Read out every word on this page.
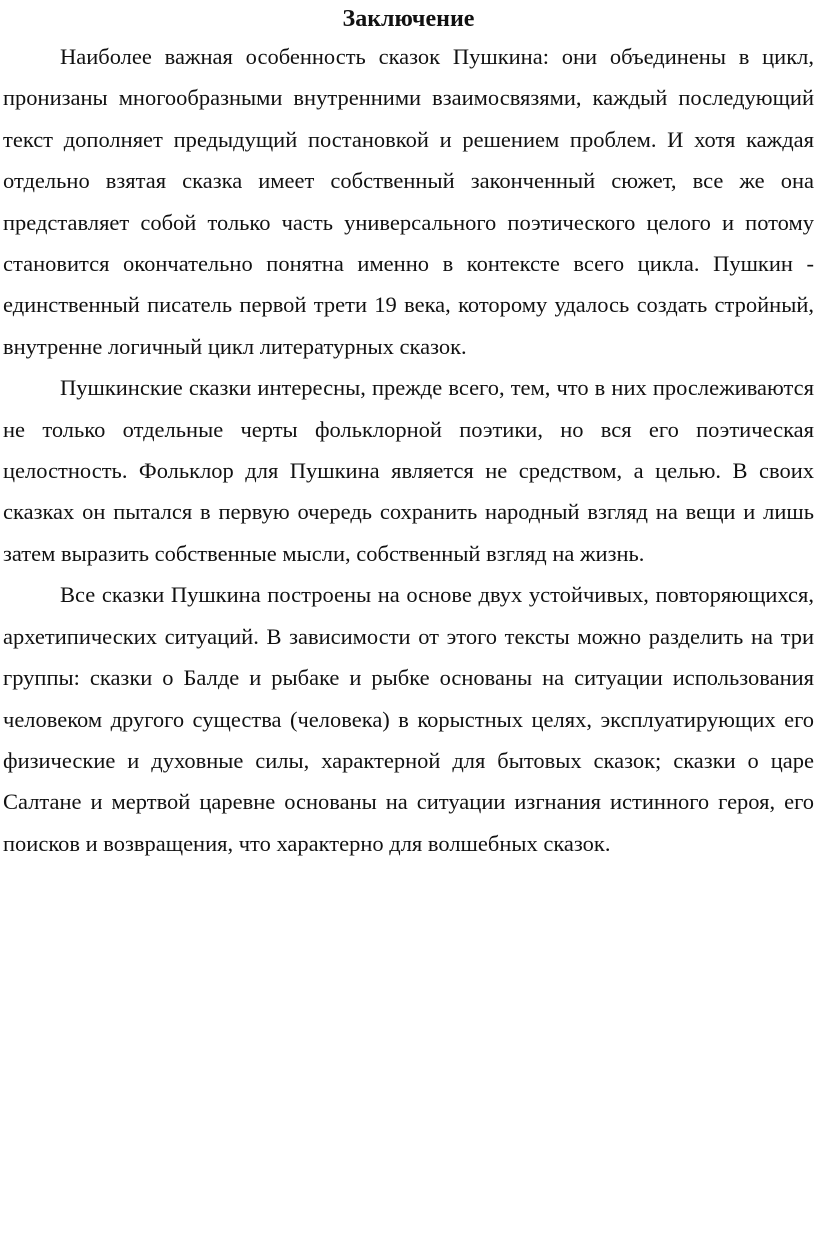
Заключение

Наиболее важная особенность сказок Пушкина: они объединены в цикл, пронизаны многообразными внутренними взаимосвязями, каждый последующий текст дополняет предыдущий постановкой и решением проблем. И хотя каждая отдельно взятая сказка имеет собственный законченный сюжет, все же она представляет собой только часть универсального поэтического целого и потому становится окончательно понятна именно в контексте всего цикла. Пушкин - единственный писатель первой трети 19 века, которому удалось создать стройный, внутренне логичный цикл литературных сказок.

Пушкинские сказки интересны, прежде всего, тем, что в них прослеживаются не только отдельные черты фольклорной поэтики, но вся его поэтическая целостность. Фольклор для Пушкина является не средством, а целью. В своих сказках он пытался в первую очередь сохранить народный взгляд на вещи и лишь затем выразить собственные мысли, собственный взгляд на жизнь.

Все сказки Пушкина построены на основе двух устойчивых, повторяющихся, архетипических ситуаций. В зависимости от этого тексты можно разделить на три группы: сказки о Балде и рыбаке и рыбке основаны на ситуации использования человеком другого существа (человека) в корыстных целях, эксплуатирующих его физические и духовные силы, характерной для бытовых сказок; сказки о царе Салтане и мертвой царевне основаны на ситуации изгнания истинного героя, его поисков и возвращения, что характерно для волшебных сказок.
